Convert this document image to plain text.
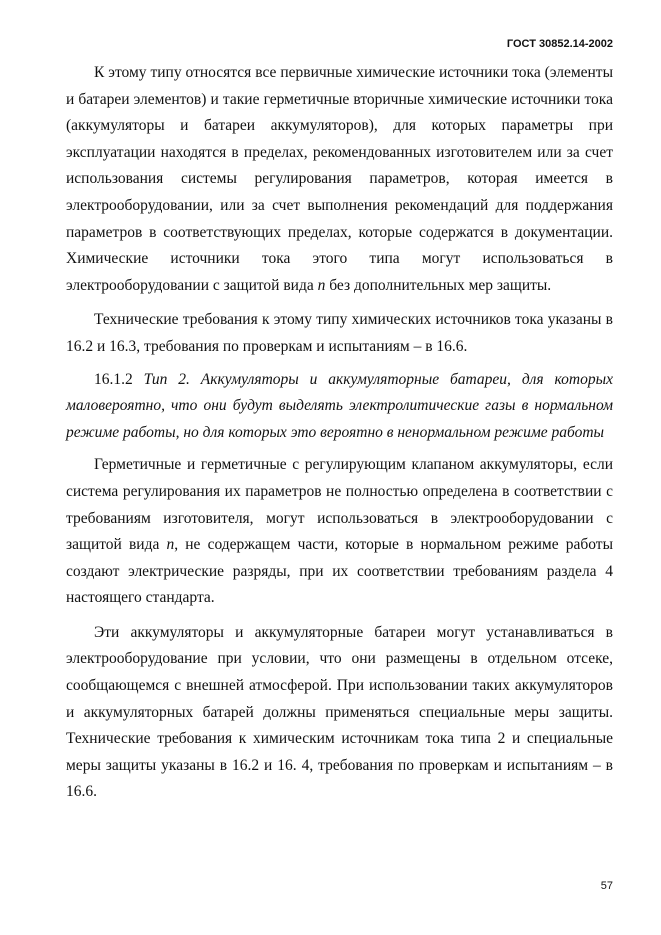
ГОСТ 30852.14-2002

К этому типу относятся все первичные химические источники тока (элементы и батареи элементов) и такие герметичные вторичные химические источники тока (аккумуляторы и батареи аккумуляторов), для которых параметры при эксплуатации находятся в пределах, рекомендованных изготовителем или за счет использования системы регулирования параметров, которая имеется в электрооборудовании, или за счет выполнения рекомендаций для поддержания параметров в соответствующих пределах, которые содержатся в документации. Химические источники тока этого типа могут использоваться в электрооборудовании с защитой вида n без дополнительных мер защиты.

Технические требования к этому типу химических источников тока указаны в 16.2 и 16.3, требования по проверкам и испытаниям – в 16.6.

16.1.2 Тип 2. Аккумуляторы и аккумуляторные батареи, для которых маловероятно, что они будут выделять электролитические газы в нормальном режиме работы, но для которых это вероятно в ненормальном режиме работы

Герметичные и герметичные с регулирующим клапаном аккумуляторы, если система регулирования их параметров не полностью определена в соответствии с требованиям изготовителя, могут использоваться в электрооборудовании с защитой вида n, не содержащем части, которые в нормальном режиме работы создают электрические разряды, при их соответствии требованиям раздела 4 настоящего стандарта.

Эти аккумуляторы и аккумуляторные батареи могут устанавливаться в электрооборудование при условии, что они размещены в отдельном отсеке, сообщающемся с внешней атмосферой. При использовании таких аккумуляторов и аккумуляторных батарей должны применяться специальные меры защиты. Технические требования к химическим источникам тока типа 2 и специальные меры защиты указаны в 16.2 и 16. 4, требования по проверкам и испытаниям – в 16.6.

57
